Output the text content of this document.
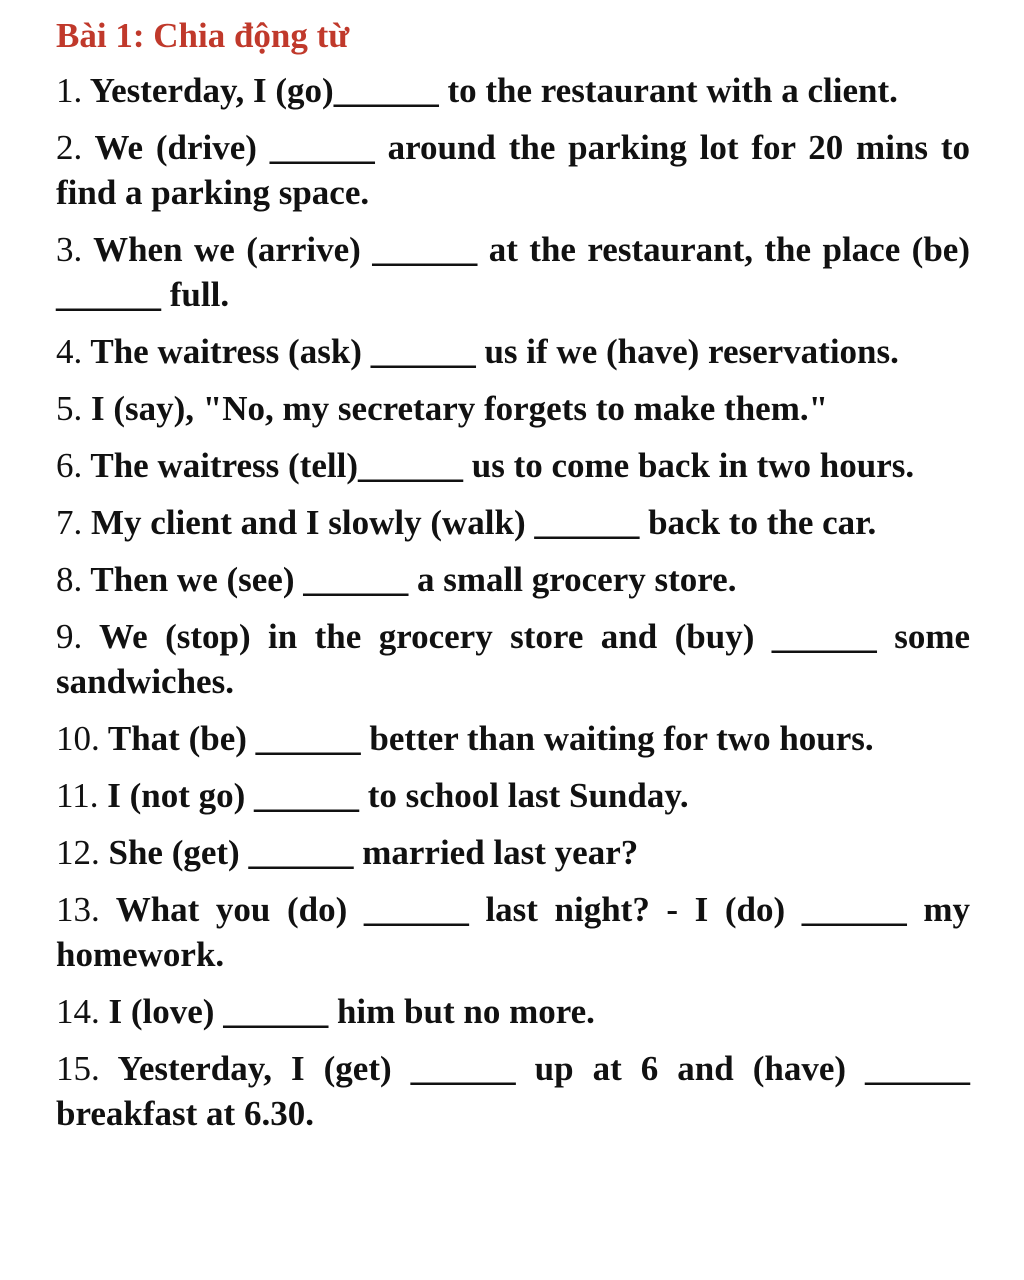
Bài 1: Chia động từ

1. Yesterday, I (go)______ to the restaurant with a client.

2. We (drive) ______ around the parking lot for 20 mins to find a parking space.

3. When we (arrive) ______ at the restaurant, the place (be) ______ full.

4. The waitress (ask) ______ us if we (have) reservations.

5. I (say), "No, my secretary forgets to make them."

6. The waitress (tell)______ us to come back in two hours.

7. My client and I slowly (walk) ______ back to the car.

8. Then we (see) ______ a small grocery store.

9. We (stop) in the grocery store and (buy) ______ some sandwiches.

10. That (be) ______ better than waiting for two hours.

11. I (not go) ______ to school last Sunday.

12. She (get) ______ married last year?

13. What you (do) ______ last night? - I (do) ______ my homework.

14. I (love) ______ him but no more.

15. Yesterday, I (get) ______ up at 6 and (have) ______ breakfast at 6.30.
